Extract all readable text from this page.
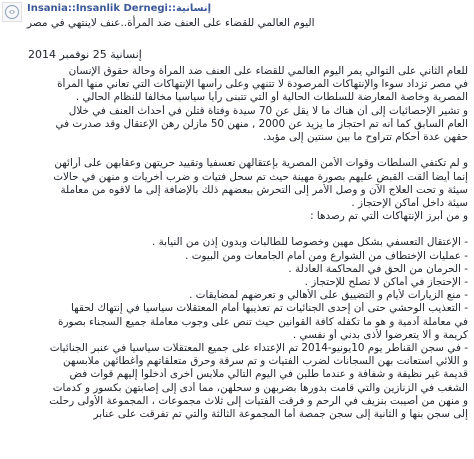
Insania::Insanlik Dernegi::إنسانية
اليوم العالمي للقضاء على العنف ضد المرأة..عنف لاينتهي في مصر
إنسانية 25 نوفمبر 2014
للعام الثاني على التوالي يمر اليوم العالمي للقضاء على العنف ضد المرأة وحالة حقوق الإنسان
في مصر تزداد سوءا والإنتهاكات المرصودة لا تتنهي وعلى رأسها الإنتهاكات التي تعاني منها المرأة
المصرية وخاصة المعارضة للسلطات الحالية أو التي تتبنى رأيا سياسيا مخالفا للنظام الحالي .
و تشير الإحصائيات إلى أن هناك ما لا يقل عن 70 سيدة وفتاة قتلن في أحداث العنف في خلال
العام السابق كما أنه تم احتجاز ما يزيد عن 2000 , منهن 50 مازلن رهن الإعتقال وقد صدرت في
حقهن عدة أحكام تتراوح ما بين سنتين إلى مؤبد.
و لم تكتفي السلطات وقوات الأمن المصرية بإعتقالهن تعسفيا وتقييد حريتهن وعقابهن على أرائهن
إنما أيضا ألقت القبض عليهم بصورة مهينة حيث تم سحل فتيات و ضرب أخريات و منهن في حالات
سيئة و تحت العلاج الآن و وصل الأمر إلى التحرش ببعضهم ذلك بالإضافة إلى ما لاقوه من معاملة
سيئة داخل أماكن الإحتجاز .
و من أبرز الإنتهاكات التي تم رصدها :
- الإعتقال التعسفي بشكل مهين وخصوصا للطالبات وبدون إذن من النيابة .
- عمليات الإختطاف من الشوارع ومن أمام الجامعات ومن البيوت .
- الحرمان من الحق في المحاكمة العادلة .
- الإحتجاز في أماكن لا تصلح للإحتجاز .
- منع الزيارات لأيام و التضييق على الأهالي و تعرضهم لمضايقات .
- التعذيب الوحشي حتى أن إحدى الجنائيات تم تعذيبها أمام المعتقلات سياسيا في إنتهاك لحقها
في معاملة آدمية و هو ما تكفله كافة القوانين حيث تنص على وجوب معاملة جميع السجناء بصورة
كريمة و ألا يتعرضوا لأذى بدني أو نفسي .
- في سجن القناطر يوم 10يونيو-2014 تم الإعتداء على جميع المعتقلات سياسيا في عنبر الجنائيات
و اللائي استعانت بهن السجانات لضرب الفتيات و تم سرقة وحرق متعلقاتهم وأغطائهن ملابسهن
قديمة غير نظيفة و شفافة و عندما طلبن في اليوم التالي ملابس أخرى أدخلوا إليهم قوات فض
الشغب في الزنازين والتي قامت بدورها بضربهن و سحلهن، مما أدى إلى إصابتهن بكسور و كدمات
و منهن من أصيبت بنزيف في الرحم و فرقت الفتيات إلى ثلاث مجموعات ، المجموعة الأولى رحلت
إلى سجن بنها و الثانية إلى سجن جمصة أما المجموعة الثالثة والتي تم تفرقت على عنابر
